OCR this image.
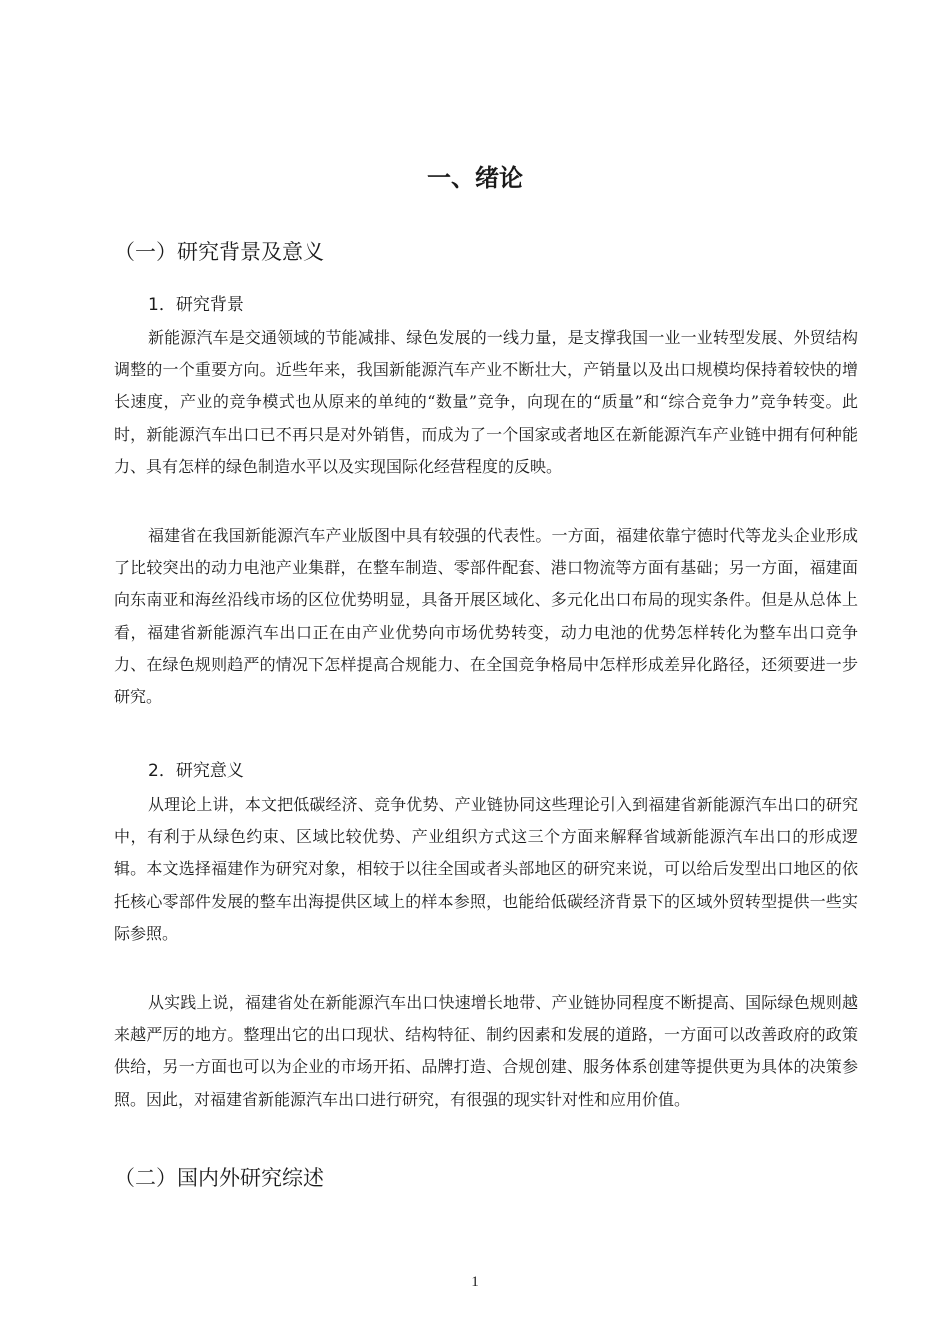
一、绪论
（一）研究背景及意义
1．研究背景

新能源汽车是交通领域的节能减排、绿色发展的一线力量，是支撑我国一业一业转型发展、外贸结构调整的一个重要方向。近些年来，我国新能源汽车产业不断壮大，产销量以及出口规模均保持着较快的增长速度，产业的竞争模式也从原来的单纯的“数量”竞争，向现在的“质量”和“综合竞争力”竞争转变。此时，新能源汽车出口已不再只是对外销售，而成为了一个国家或者地区在新能源汽车产业链中拥有何种能力、具有怎样的绿色制造水平以及实现国际化经营程度的反映。

福建省在我国新能源汽车产业版图中具有较强的代表性。一方面，福建依靠宁德时代等龙头企业形成了比较突出的动力电池产业集群，在整车制造、零部件配套、港口物流等方面有基础；另一方面，福建面向东南亚和海丝沿线市场的区位优势明显，具备开展区域化、多元化出口布局的现实条件。但是从总体上看，福建省新能源汽车出口正在由产业优势向市场优势转变，动力电池的优势怎样转化为整车出口竞争力、在绿色规则趋严的情况下怎样提高合规能力、在全国竞争格局中怎样形成差异化路径，还须要进一步研究。

2．研究意义

从理论上讲，本文把低碳经济、竞争优势、产业链协同这些理论引入到福建省新能源汽车出口的研究中，有利于从绿色约束、区域比较优势、产业组织方式这三个方面来解释省域新能源汽车出口的形成逻辑。本文选择福建作为研究对象，相较于以往全国或者头部地区的研究来说，可以给后发型出口地区的依托核心零部件发展的整车出海提供区域上的样本参照，也能给低碳经济背景下的区域外贸转型提供一些实际参照。

从实践上说，福建省处在新能源汽车出口快速增长地带、产业链协同程度不断提高、国际绿色规则越来越严厉的地方。整理出它的出口现状、结构特征、制约因素和发展的道路，一方面可以改善政府的政策供给，另一方面也可以为企业的市场开拓、品牌打造、合规创建、服务体系创建等提供更为具体的决策参照。因此，对福建省新能源汽车出口进行研究，有很强的现实针对性和应用价值。

（二）国内外研究综述
1
